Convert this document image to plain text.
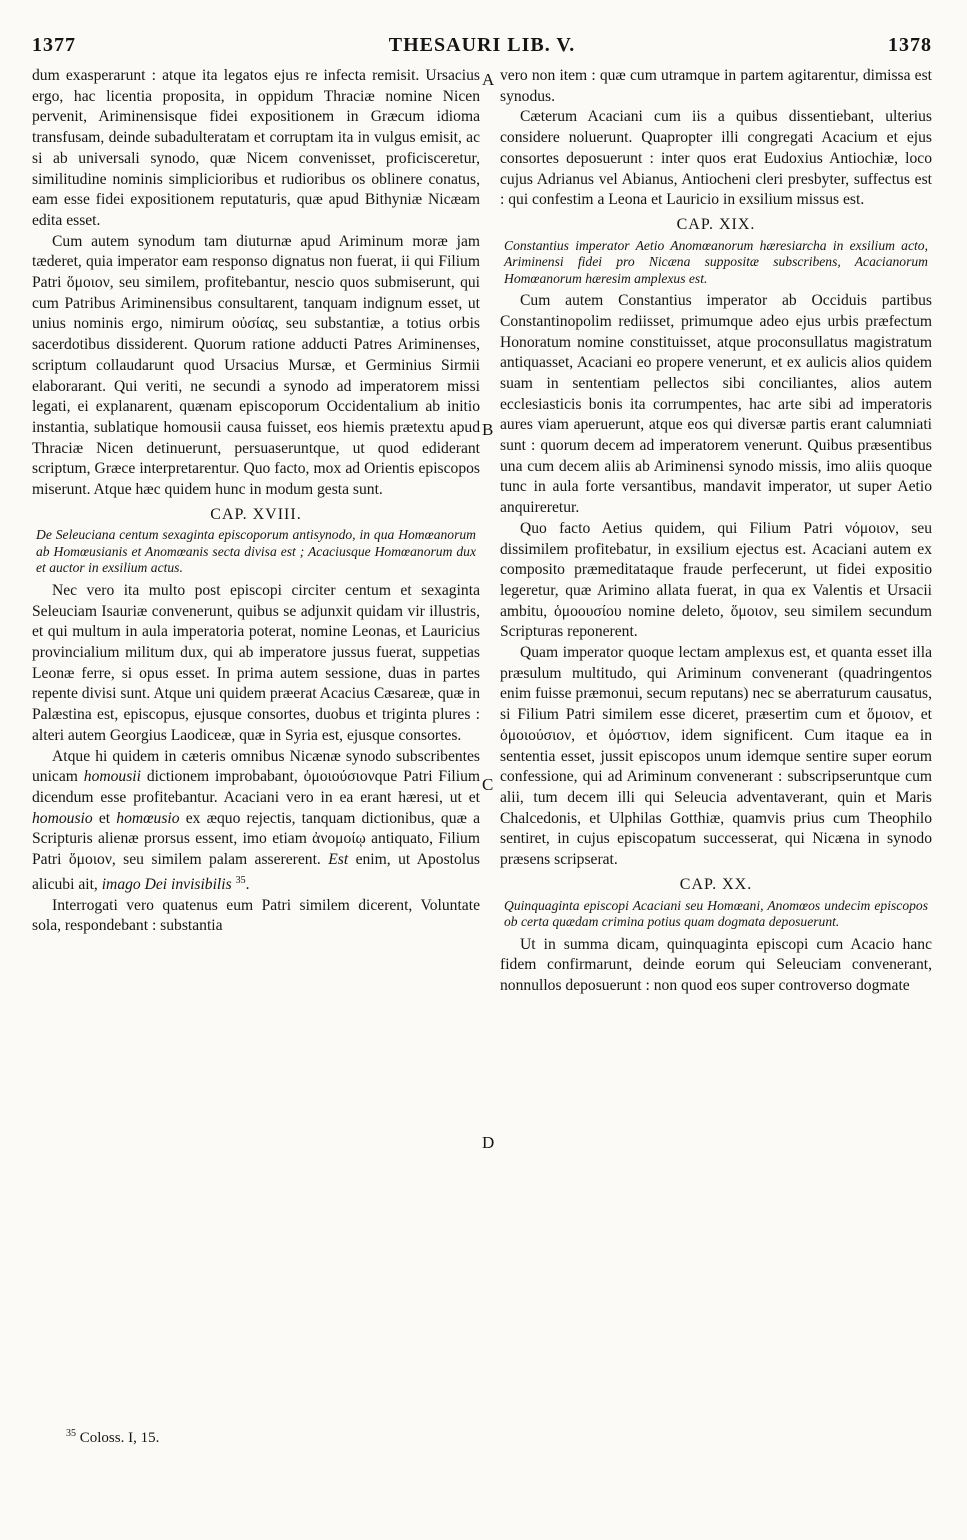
1377	THESAURI LIB. V.	1378
A
B
C
D

dum exasperarunt : atque ita legatos ejus re infecta remisit. Ursacius ergo, hac licentia proposita, in oppidum Thraciæ nomine Nicen pervenit, Ariminensisque fidei expositionem in Græcum idioma transfusam, deinde subadulteratam et corruptam ita in vulgus emisit, ac si ab universali synodo, quæ Nicem convenisset, proficisceretur, similitudine nominis simplicioribus et rudioribus os oblinere conatus, eam esse fidei expositionem reputaturis, quæ apud Bithyniæ Nicæam edita esset.

Cum autem synodum tam diuturnæ apud Ariminum moræ jam tæderet, quia imperator eam responso dignatus non fuerat, ii qui Filium Patri ὅμοιον, seu similem, profitebantur, nescio quos submiserunt, qui cum Patribus Ariminensibus consultarent, tanquam indignum esset, ut unius nominis ergo, nimirum οὐσίας, seu substantiæ, a totius orbis sacerdotibus dissiderent. Quorum ratione adducti Patres Ariminenses, scriptum collaudarunt quod Ursacius Mursæ, et Germinius Sirmii elaborarant. Qui veriti, ne secundi a synodo ad imperatorem missi legati, ei explanarent, quænam episcoporum Occidentalium ab initio instantia, sublatique homousii causa fuisset, eos hiemis prætextu apud Thraciæ Nicen detinuerunt, persuaseruntque, ut quod ediderant scriptum, Græce interpretarentur. Quo facto, mox ad Orientis episcopos miserunt. Atque hæc quidem hunc in modum gesta sunt.

CAP. XVIII.
De Seleuciana centum sexaginta episcoporum antisynodo, in qua Homœanorum ab Homœusianis et Anomœanis secta divisa est ; Acaciusque Homœanorum dux et auctor in exsilium actus.

Nec vero ita multo post episcopi circiter centum et sexaginta Seleuciam Isauriæ convenerunt, quibus se adjunxit quidam vir illustris, et qui multum in aula imperatoria poterat, nomine Leonas, et Lauricius provincialium militum dux, qui ab imperatore jussus fuerat, suppetias Leonæ ferre, si opus esset. In prima autem sessione, duas in partes repente divisi sunt. Atque uni quidem præerat Acacius Cæsareæ, quæ in Palæstina est, episcopus, ejusque consortes, duobus et triginta plures : alteri autem Georgius Laodiceæ, quæ in Syria est, ejusque consortes.

Atque hi quidem in cæteris omnibus Nicænæ synodo subscribentes unicam homousii dictionem improbabant, ὁμοιούσιονque Patri Filium dicendum esse profitebantur. Acaciani vero in ea erant hæresi, ut et homousio et homœusio ex æquo rejectis, tanquam dictionibus, quæ a Scripturis alienæ prorsus essent, imo etiam ἀνομοίῳ antiquato, Filium Patri ὅμοιον, seu similem palam assererent. Est enim, ut Apostolus alicubi ait, imago Dei invisibilis $^{35}$.

Interrogati vero quatenus eum Patri similem dicerent, Voluntate sola, respondebant : substantia

$^{35}$ Coloss. I, 15.

vero non item : quæ cum utramque in partem agitarentur, dimissa est synodus.

Cæterum Acaciani cum iis a quibus dissentiebant, ulterius considere noluerunt. Quapropter illi congregati Acacium et ejus consortes deposuerunt : inter quos erat Eudoxius Antiochiæ, loco cujus Adrianus vel Abianus, Antiocheni cleri presbyter, suffectus est : qui confestim a Leona et Lauricio in exsilium missus est.

CAP. XIX.
Constantius imperator Aetio Anomœanorum hæresiarcha in exsilium acto, Ariminensi fidei pro Nicæna suppositæ subscribens, Acacianorum Homœanorum hæresim amplexus est.

Cum autem Constantius imperator ab Occiduis partibus Constantinopolim rediisset, primumque adeo ejus urbis præfectum Honoratum nomine constituisset, atque proconsullatus magistratum antiquasset, Acaciani eo propere venerunt, et ex aulicis alios quidem suam in sententiam pellectos sibi conciliantes, alios autem ecclesiasticis bonis ita corrumpentes, hac arte sibi ad imperatoris aures viam aperuerunt, atque eos qui diversæ partis erant calumniati sunt : quorum decem ad imperatorem venerunt. Quibus præsentibus una cum decem aliis ab Ariminensi synodo missis, imo aliis quoque tunc in aula forte versantibus, mandavit imperator, ut super Aetio anquireretur.

Quo facto Aetius quidem, qui Filium Patri νόμοιον, seu dissimilem profitebatur, in exsilium ejectus est. Acaciani autem ex composito præmeditataque fraude perfecerunt, ut fidei expositio legeretur, quæ Arimino allata fuerat, in qua ex Valentis et Ursacii ambitu, ὁμοουσίου nomine deleto, ὅμοιον, seu similem secundum Scripturas reponerent.

Quam imperator quoque lectam amplexus est, et quanta esset illa præsulum multitudo, qui Ariminum convenerant (quadringentos enim fuisse præmonui, secum reputans) nec se aberraturum causatus, si Filium Patri similem esse diceret, præsertim cum et ὅμοιον, et ὁμοιούσιον, et ὁμόστιον, idem significent. Cum itaque ea in sententia esset, jussit episcopos unum idemque sentire super eorum confessione, qui ad Ariminum convenerant : subscripseruntque cum alii, tum decem illi qui Seleucia adventaverant, quin et Maris Chalcedonis, et Ulphilas Gotthiæ, quamvis prius cum Theophilo sentiret, in cujus episcopatum successerat, qui Nicæna in synodo præsens scripserat.

CAP. XX.
Quinquaginta episcopi Acaciani seu Homœani, Anomœos undecim episcopos ob certa quædam crimina potius quam dogmata deposuerunt.

Ut in summa dicam, quinquaginta episcopi cum Acacio hanc fidem confirmarunt, deinde eorum qui Seleuciam convenerant, nonnullos deposuerunt : non quod eos super controverso dogmate
